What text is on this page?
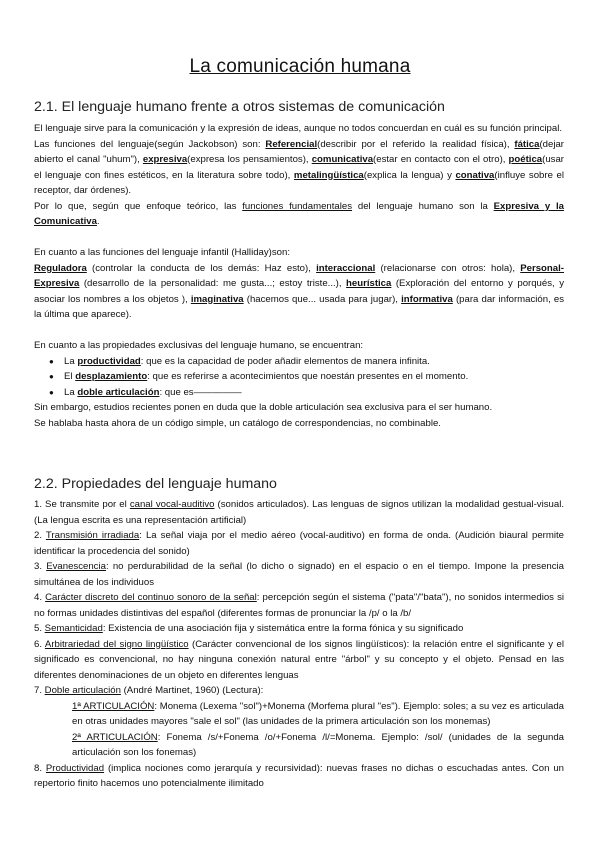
La comunicación humana
2.1. El lenguaje humano frente a otros sistemas de comunicación

El lenguaje sirve para la comunicación y la expresión de ideas, aunque no todos concuerdan en cuál es su función principal.

Las funciones del lenguaje(según Jackobson) son: Referencial(describir por el referido la realidad física), fática(dejar abierto el canal "uhum"), expresiva(expresa los pensamientos), comunicativa(estar en contacto con el otro), poética(usar el lenguaje con fines estéticos, en la literatura sobre todo), metalingüística(explica la lengua) y conativa(influye sobre el receptor, dar órdenes).

Por lo que, según que enfoque teórico, las funciones fundamentales del lenguaje humano son la Expresiva y la Comunicativa.

En cuanto a las funciones del lenguaje infantil (Halliday)son:

Reguladora (controlar la conducta de los demás: Haz esto), interaccional (relacionarse con otros: hola), Personal-Expresiva (desarrollo de la personalidad: me gusta...; estoy triste...), heurística (Exploración del entorno y porqués, y asociar los nombres a los objetos ), imaginativa (hacemos que... usada para jugar), informativa (para dar información, es la última que aparece).

En cuanto a las propiedades exclusivas del lenguaje humano, se encuentran:

● La productividad: que es la capacidad de poder añadir elementos de manera infinita.
● El desplazamiento: que es referirse a acontecimientos que noestán presentes en el momento.
● La doble articulación: que es—————

Sin embargo, estudios recientes ponen en duda que la doble articulación sea exclusiva para el ser humano.

Se hablaba hasta ahora de un código simple, un catálogo de correspondencias, no combinable.

2.2. Propiedades del lenguaje humano

1. Se transmite por el canal vocal-auditivo (sonidos articulados). Las lenguas de signos utilizan la modalidad gestual-visual. (La lengua escrita es una representación artificial)

2. Transmisión irradiada: La señal viaja por el medio aéreo (vocal-auditivo) en forma de onda. (Audición biaural permite identificar la procedencia del sonido)

3. Evanescencia: no perdurabilidad de la señal (lo dicho o signado) en el espacio o en el tiempo. Impone la presencia simultánea de los individuos

4. Carácter discreto del continuo sonoro de la señal: percepción según el sistema ("pata"/"bata"), no sonidos intermedios si no formas unidades distintivas del español (diferentes formas de pronunciar la /p/ o la /b/

5. Semanticidad: Existencia de una asociación fija y sistemática entre la forma fónica y su significado

6. Arbitrariedad del signo lingüístico (Carácter convencional de los signos lingüísticos): la relación entre el significante y el significado es convencional, no hay ninguna conexión natural entre "árbol" y su concepto y el objeto. Pensad en las diferentes denominaciones de un objeto en diferentes lenguas

7. Doble articulación (André Martinet, 1960) (Lectura):

1ª ARTICULACIÓN: Monema (Lexema "sol")+Monema (Morfema plural "es"). Ejemplo: soles; a su vez es articulada en otras unidades mayores "sale el sol" (las unidades de la primera articulación son los monemas)

2ª ARTICULACIÓN: Fonema /s/+Fonema /o/+Fonema /l/=Monema. Ejemplo: /sol/ (unidades de la segunda articulación son los fonemas)

8. Productividad (implica nociones como jerarquía y recursividad): nuevas frases no dichas o escuchadas antes. Con un repertorio finito hacemos uno potencialmente ilimitado
